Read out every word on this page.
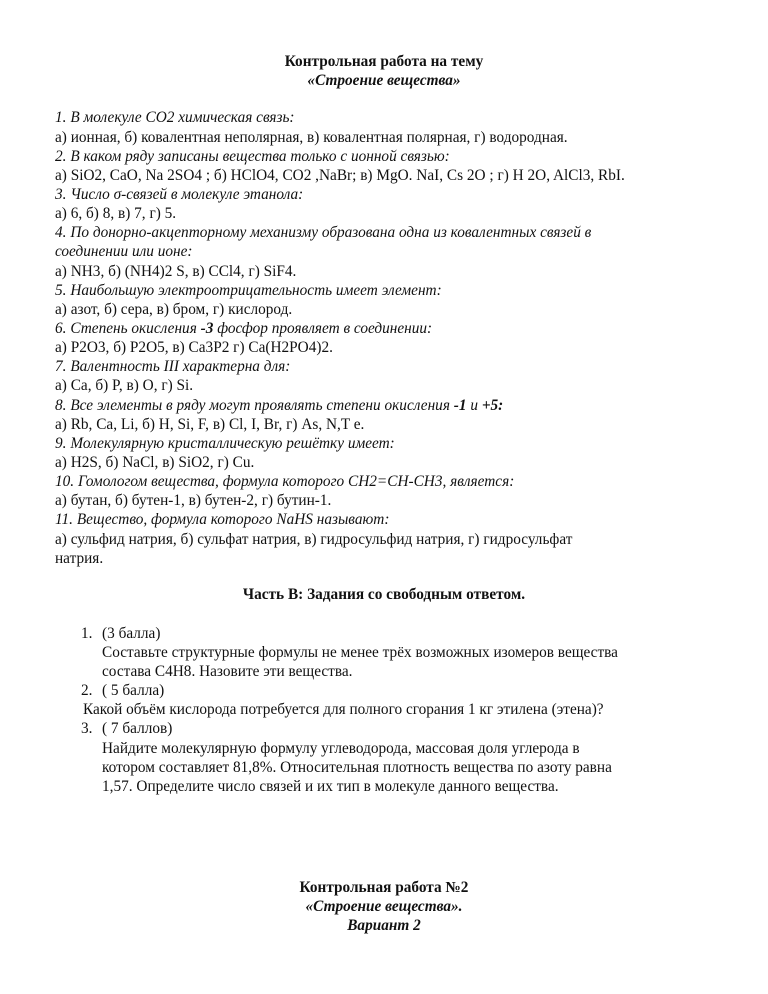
Контрольная работа на тему
«Строение вещества»
1. В молекуле CO2 химическая связь:
а) ионная, б) ковалентная неполярная, в) ковалентная полярная, г) водородная.
2. В каком ряду записаны вещества только с ионной связью:
а) SiO2, CaO, Na 2SO4 ; б) HClO4, CO2 ,NaBr; в) MgO. NaI, Cs 2O ; г) H 2O, AlCl3, RbI.
3. Число σ-связей в молекуле этанола:
а) 6, б) 8, в) 7, г) 5.
4. По донорно-акцепторному механизму образована одна из ковалентных связей в
соединении или ионе:
а) NH3, б) (NH4)2 S, в) CCl4, г) SiF4.
5. Наибольшую электроотрицательность имеет элемент:
а) азот, б) сера, в) бром, г) кислород.
6. Степень окисления -3 фосфор проявляет в соединении:
а) P2O3, б) P2O5, в) Ca3P2 г) Ca(H2PO4)2.
7. Валентность III характерна для:
а) Ca, б) P, в) O, г) Si.
8. Все элементы в ряду могут проявлять степени окисления -1 и +5:
а) Rb, Ca, Li, б) H, Si, F, в) Cl, I, Br, г) As, N,T e.
9. Молекулярную кристаллическую решётку имеет:
а) H2S, б) NaCl, в) SiO2, г) Cu.
10. Гомологом вещества, формула которого CH2=CH-CH3, является:
а) бутан, б) бутен-1, в) бутен-2, г) бутин-1.
11. Вещество, формула которого NaHS называют:
а) сульфид натрия, б) сульфат натрия, в) гидросульфид натрия, г) гидросульфат
натрия.
Часть В: Задания со свободным ответом.
1. (3 балла)
Составьте структурные формулы не менее трёх возможных изомеров вещества
состава C4H8. Назовите эти вещества.
2. ( 5 балла)
Какой объём кислорода потребуется для полного сгорания 1 кг этилена (этена)?
3. ( 7 баллов)
Найдите молекулярную формулу углеводорода, массовая доля углерода в
котором составляет 81,8%. Относительная плотность вещества по азоту равна
1,57. Определите число связей и их тип в молекуле данного вещества.
Контрольная работа №2
«Строение вещества».
Вариант 2
